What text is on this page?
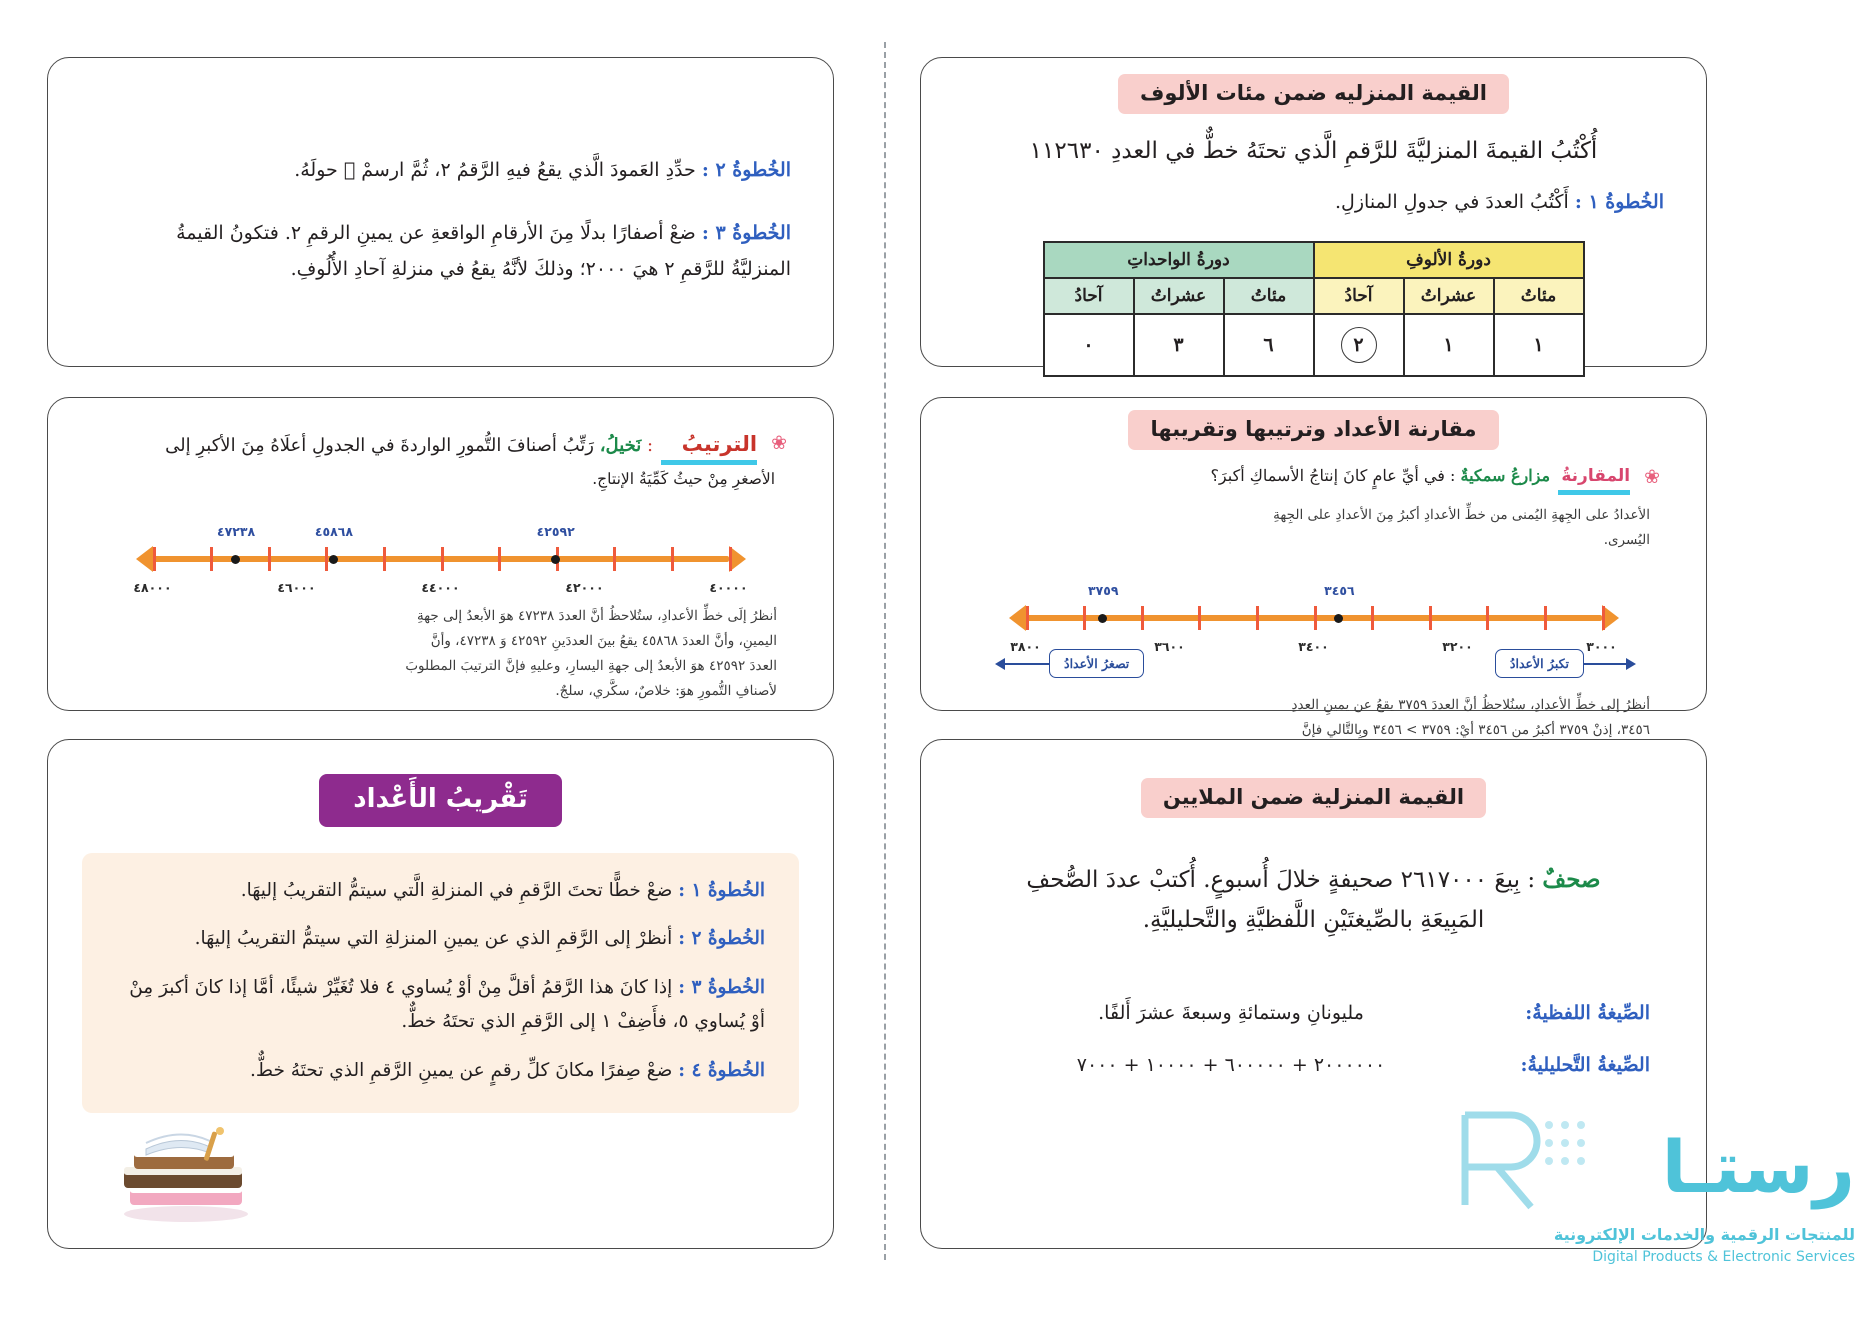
القيمة المنزليه ضمن مئات الألوف
أُكْتُبُ القيمةَ المنزليَّةَ للرَّقمِ الَّذي تحتَهُ خطٌّ في العددِ ١١٢٦٣٠
الخُطوةُ ١ : أَكْتُبُ العددَ في جدولِ المنازلِ.
دورةُ الألوفِ			دورةُ الواحداتِ		
مئاتُ	عشراتُ	آحادُ	مئاتُ	عشراتُ	آحادُ
١	١	٢	٦	٣	٠
الخُطوةُ ٢ : حدِّدِ العَمودَ الَّذي يقعُ فيهِ الرَّقمُ ٢، ثُمَّ ارسمْ ⃝ حولَهُ.
الخُطوةُ ٣ : ضعْ أصفارًا بدلًا مِنَ الأرقامِ الواقعةِ عن يمينِ الرقمِ ٢. فتكونُ القيمةُ
المنزليَّةُ للرَّقمِ ٢ هيَ ٢٠٠٠؛ وذلكَ لأنَّهُ يقعُ في منزلةِ آحادِ الأُلُوفِ.
مقارنة الأعداد وترتيبها وتقريبها
❀
المقارنةُ
مزارعُ سمكيةٌ : في أيِّ عامٍ كانَ إنتاجُ الأسماكِ أكبرَ؟
الأعدادُ على الجِهةِ اليُمنى من خطِّ الأعدادِ أكبرُ مِنَ الأعدادِ على الجِهةِ
اليُسرى.
٣٠٠٠
٣٢٠٠
٣٤٠٠
٣٦٠٠
٣٨٠٠
٣٤٥٦
٣٧٥٩
تصغرُ الأعدادُ	تكبرُ الأعدادُ
أنظرُ إلى خطِّ الأعدادِ، سنُلاحظُ أنَّ العددَ ٣٧٥٩ يقعُ عن يمينِ العددِ
٣٤٥٦، إذنْ ٣٧٥٩ أكبرُ من ٣٤٥٦ أيْ: ٣٧٥٩ > ٣٤٥٦ وبِالتَّالي فإنَّ
❀
الترتيبُ
: نَخيلُ، رَتِّبُ أصنافَ التُّمورِ الواردةَ في الجدولِ أعلَاهُ مِنَ الأكبرِ إلى
الأصغرِ مِنْ حيثُ كَمِّيَةُ الإنتاجِ.
٤٠٠٠٠
٤٢٠٠٠
٤٤٠٠٠
٤٦٠٠٠
٤٨٠٠٠
٤٢٥٩٢
٤٥٨٦٨
٤٧٢٣٨
أنظرُ إلَى خطِّ الأعدادِ، ستُلاحظُ أنَّ العددَ ٤٧٢٣٨ هوَ الأبعدُ إلى جهةِ
اليمينِ، وأنَّ العددَ ٤٥٨٦٨ يقعُ بينَ العددَينِ ٤٢٥٩٢ وَ ٤٧٢٣٨، وأنَّ
العددَ ٤٢٥٩٢ هوَ الأبعدُ إلى جهةِ اليسارِ، وعليهِ فإنَّ الترتيبَ المطلوبَ
لأصنافِ التُّمورِ هوَ: خلاصٌ، سكَّري، سلجٌ.
تَقْريبُ الأَعْداد
الخُطوةُ ١ : ضعْ خطًّا تحتَ الرَّقمِ في المنزلةِ الَّتي سيتمُّ التقريبُ إليهَا.
الخُطوةُ ٢ : أنظرْ إلى الرَّقمِ الذي عن يمينِ المنزلةِ التي سيتمُّ التقريبُ إليهَا.
الخُطوةُ ٣ : إذا كانَ هذا الرَّقمُ أقلَّ مِنْ أوْ يُساوي ٤ فلا تُغَيِّرْ شيئًا، أمَّا إذا كانَ أكبرَ مِنْ
أوْ يُساوي ٥، فأَضِفْ ١ إلى الرَّقمِ الذي تحتَهُ خطٌّ.
الخُطوةُ ٤ : ضعْ صِفرًا مكانَ كلِّ رقمٍ عن يمينِ الرَّقمِ الذي تحتَهُ خطٌّ.
القيمة المنزلية ضمن الملايين
صحفٌ : بِيعَ ٢٦١٧٠٠٠ صحيفةٍ خلالَ أُسبوعٍ. أُكتبْ عددَ الصُّحفِ
المَبِيعَةِ بالصِّيغتَيْنِ اللَّفظيَّةِ والتَّحليليَّةِ.
الصِّيغةُ اللفظيةُ:
مليونانِ وستمائةِ وسبعةَ عشرَ أَلفًا.
الصِّيغةُ التَّحليليةُ:
٢٠٠٠٠٠٠ + ٦٠٠٠٠٠ + ١٠٠٠٠ + ٧٠٠٠
رستـا
للمنتجات الرقمية والخدمات الإلكترونية
Digital Products & Electronic Services
